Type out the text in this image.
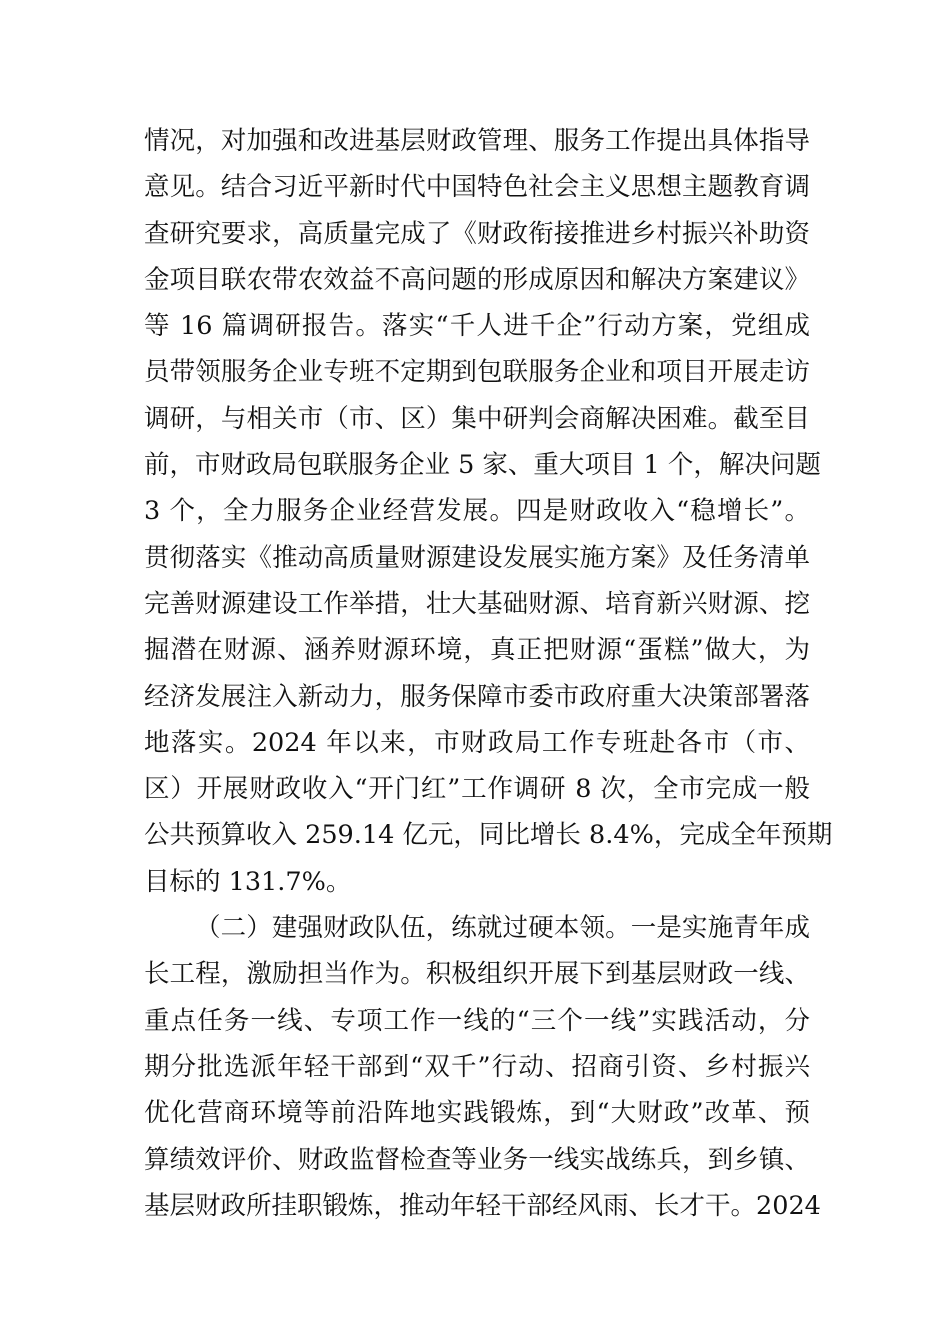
情况，对加强和改进基层财政管理、服务工作提出具体指导
意见。结合习近平新时代中国特色社会主义思想主题教育调
查研究要求，高质量完成了《财政衔接推进乡村振兴补助资
金项目联农带农效益不高问题的形成原因和解决方案建议》
等 16 篇调研报告。落实“千人进千企”行动方案，党组成
员带领服务企业专班不定期到包联服务企业和项目开展走访
调研，与相关市（市、区）集中研判会商解决困难。截至目
前，市财政局包联服务企业 5 家、重大项目 1 个，解决问题
3 个，全力服务企业经营发展。四是财政收入“稳增长”。
贯彻落实《推动高质量财源建设发展实施方案》及任务清单
完善财源建设工作举措，壮大基础财源、培育新兴财源、挖
掘潜在财源、涵养财源环境，真正把财源“蛋糕”做大，为
经济发展注入新动力，服务保障市委市政府重大决策部署落
地落实。2024 年以来，市财政局工作专班赴各市（市、
区）开展财政收入“开门红”工作调研 8 次，全市完成一般
公共预算收入 259.14 亿元，同比增长 8.4%，完成全年预期
目标的 131.7%。
（二）建强财政队伍，练就过硬本领。一是实施青年成
长工程，激励担当作为。积极组织开展下到基层财政一线、
重点任务一线、专项工作一线的“三个一线”实践活动，分
期分批选派年轻干部到“双千”行动、招商引资、乡村振兴
优化营商环境等前沿阵地实践锻炼，到“大财政”改革、预
算绩效评价、财政监督检查等业务一线实战练兵，到乡镇、
基层财政所挂职锻炼，推动年轻干部经风雨、长才干。2024
